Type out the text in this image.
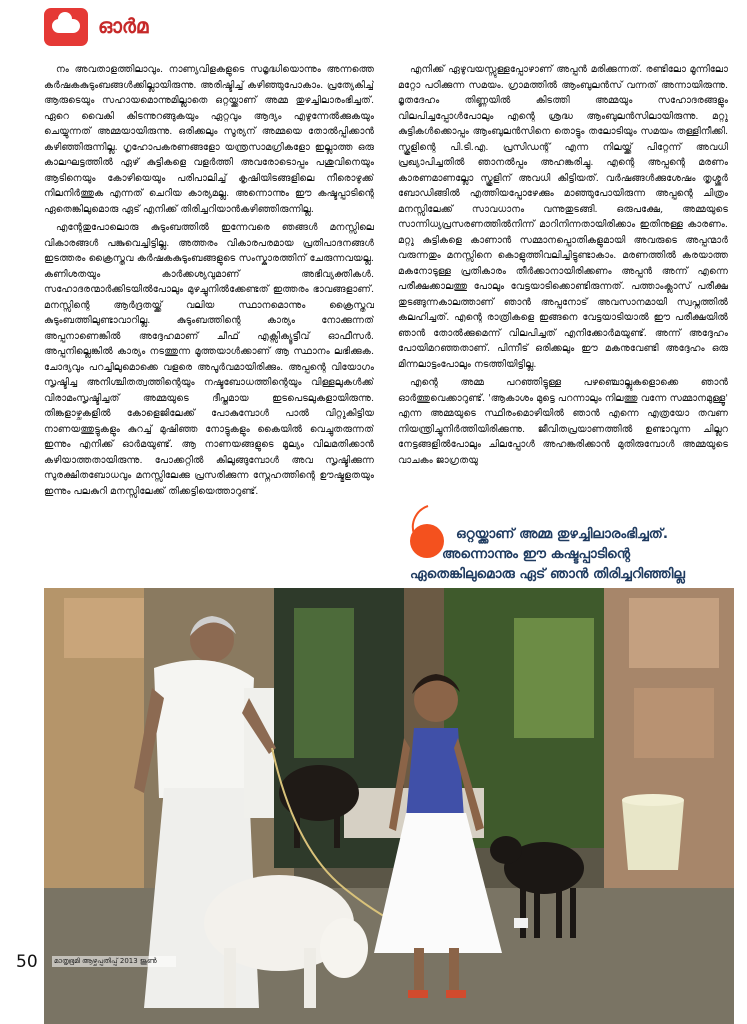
ഓർമ

നം അവതാളത്തിലാവും. നാണ്യവിളകളുടെ സമൃദ്ധിയൊന്നും അന്നത്തെ കർഷകകുടുംബങ്ങൾക്കില്ലായിരുന്നു. അരിഷ്ടിച്ച് കഴിഞ്ഞുപോകാം. പ്രത്യേകിച്ച് ആരുടെയും സഹായമൊന്നുമില്ലാതെ ഒറ്റയ്ക്കാണ് അമ്മ തുഴച്ചിലാരംഭിച്ചത്. ഏറെ വൈകി കിടന്നുറങ്ങുകയും ഏറ്റവും ആദ്യം എഴുന്നേൽക്കുകയും ചെയ്യുന്നത് അമ്മയായിരുന്നു. ഒരിക്കലും സൂര്യന് അമ്മയെ തോൽപ്പിക്കാൻ കഴിഞ്ഞിരുന്നില്ല. ഗൃഹോപകരണങ്ങളോ യന്ത്രസാമഗ്രികളോ ഇല്ലാത്ത ഒരു കാലഘട്ടത്തിൽ ഏഴ് കുട്ടികളെ വളർത്തി അവരോടൊപ്പം പശുവിനെയും ആടിനെയും കോഴിയെയും പരിപാലിച്ച് കൃഷിയിടങ്ങളിലെ നീരൊഴുക്ക് നിലനിർത്തുക എന്നത് ചെറിയ കാര്യമല്ല. അന്നൊന്നും ഈ കഷ്ടപ്പാടിന്റെ ഏതെങ്കിലുമൊരു ഏട് എനിക്ക് തിരിച്ചറിയാൻകഴിഞ്ഞിരുന്നില്ല.

എന്റേതുപോലൊരു കുടുംബത്തിൽ ഇന്നേവരെ ഞങ്ങൾ മനസ്സിലെ വികാരങ്ങൾ പങ്കുവെച്ചിട്ടില്ല. അത്തരം വികാരപരമായ പ്രതിപാദനങ്ങൾ ഇടത്തരം ക്രൈസ്തവ കർഷകകുടുംബങ്ങളുടെ സംസ്കാരത്തിന് ചേരുന്നവയല്ല. കണിശതയും കാർക്കശ്യവുമാണ് അഭിവ്യക്തികൾ. സഹോദരന്മാർക്കിടയിൽപോലും മുഴച്ചുനിൽക്കേണ്ടത് ഇത്തരം ഭാവങ്ങളാണ്. മനസ്സിന്റെ ആർദ്രതയ്ക്ക് വലിയ സ്ഥാനമൊന്നും ക്രൈസ്തവ കുടുംബത്തിലുണ്ടാവാറില്ല. കുടുംബത്തിന്റെ കാര്യം നോക്കുന്നത് അപ്പനാണെങ്കിൽ അദ്ദേഹമാണ് ചീഫ് എക്സിക്യൂട്ടീവ് ഓഫീസർ. അപ്പനില്ലെങ്കിൽ കാര്യം നടത്തുന്ന മൂത്തയാൾക്കാണ് ആ സ്ഥാനം ലഭിക്കുക. ചോദ്യവും പറച്ചിലുമൊക്കെ വളരെ അപൂർവമായിരിക്കും. അപ്പന്റെ വിയോഗം സൃഷ്ടിച്ച അനിശ്ചിതത്വത്തിന്റെയും നഷ്ടബോധത്തിന്റെയും വിള്ളലുകൾക്ക് വിരാമംസൃഷ്ടിച്ചത് അമ്മയുടെ ദീപ്തമായ ഇടപെടലുകളായിരുന്നു. തിങ്കളാഴ്ചകളിൽ കോളെജിലേക്ക് പോകുമ്പോൾ പാൽ വിറ്റുകിട്ടിയ നാണയത്തുട്ടുകളും കുറച്ച് മുഷിഞ്ഞ നോട്ടുകളും കൈയിൽ വെച്ചുതരുന്നത് ഇന്നും എനിക്ക് ഓർമയുണ്ട്. ആ നാണയങ്ങളുടെ മൂല്യം വിലമതിക്കാൻ കഴിയാത്തതായിരുന്നു. പോക്കറ്റിൽ കിലുങ്ങുമ്പോൾ അവ സൃഷ്ടിക്കുന്ന സുരക്ഷിതബോധവും മനസ്സിലേക്കു പ്രസരിക്കുന്ന സ്നേഹത്തിന്റെ ഊഷ്മളതയും ഇന്നും പലകുറി മനസ്സിലേക്ക് തിക്കട്ടിയെത്താറുണ്ട്.

എനിക്ക് ഏഴുവയസ്സുള്ളപ്പോഴാണ് അപ്പൻ മരിക്കുന്നത്. രണ്ടിലോ മൂന്നിലോ മറ്റോ പഠിക്കുന്ന സമയം. ഗ്രാമത്തിൽ ആംബുലൻസ് വന്നത് അന്നായിരുന്നു. മൃതദേഹം തിണ്ണയിൽ കിടത്തി അമ്മയും സഹോദരങ്ങളും വിലപിച്ചപ്പോൾപോലും എന്റെ ശ്രദ്ധ ആംബുലൻസിലായിരുന്നു. മറ്റു കുട്ടികൾക്കൊപ്പം ആംബുലൻസിനെ തൊട്ടും തലോടിയും സമയം തള്ളിനീക്കി. സ്കൂളിന്റെ പി.ടി.എ. പ്രസിഡന്റ് എന്ന നിലയ്ക്ക് പിറ്റേന്ന് അവധി പ്രഖ്യാപിച്ചതിൽ ഞാനൽപ്പം അഹങ്കരിച്ചു. എന്റെ അപ്പന്റെ മരണം കാരണമാണല്ലോ സ്കൂളിന് അവധി കിട്ടിയത്. വർഷങ്ങൾക്കുശേഷം തൃശ്ശൂർ ബോഡിങ്ങിൽ എത്തിയപ്പോഴേക്കും മാഞ്ഞുപോയിരുന്ന അപ്പന്റെ ചിത്രം മനസ്സിലേക്ക് സാവധാനം വന്നുതുടങ്ങി. ഒരുപക്ഷേ, അമ്മയുടെ സാന്നിധ്യപ്രസരണത്തിൽനിന്ന് മാറിനിന്നതായിരിക്കാം ഇതിനുള്ള കാരണം. മറ്റു കുട്ടികളെ കാണാൻ സമ്മാനപ്പൊതികളുമായി അവരുടെ അപ്പന്മാർ വരുന്നതും മനസ്സിനെ കൊളുത്തിവലിച്ചിട്ടുണ്ടാകാം. മരണത്തിൽ കരയാത്ത മകനോടുള്ള പ്രതികാരം തീർക്കാനായിരിക്കണം അപ്പൻ അന്ന് എന്നെ പരീക്ഷക്കാലത്തു പോലും വേട്ടയാടിക്കൊണ്ടിരുന്നത്. പത്താംക്ലാസ് പരീക്ഷ തുടങ്ങുന്നകാലത്താണ് ഞാൻ അപ്പനോട് അവസാനമായി സ്വപ്നത്തിൽ കലഹിച്ചത്. എന്റെ രാത്രികളെ ഇങ്ങനെ വേട്ടയാടിയാൽ ഈ പരീക്ഷയിൽ ഞാൻ തോൽക്കുമെന്ന് വിലപിച്ചത് എനിക്കോർമയുണ്ട്. അന്ന് അദ്ദേഹം പോയിമറഞ്ഞതാണ്. പിന്നീട് ഒരിക്കലും ഈ മകനുവേണ്ടി അദ്ദേഹം ഒരു മിന്നലാട്ടംപോലും നടത്തിയിട്ടില്ല.

എന്റെ അമ്മ പറഞ്ഞിട്ടുള്ള പഴഞ്ചൊല്ലുകളൊക്കെ ഞാൻ ഓർത്തുവെക്കാറുണ്ട്. 'ആകാശം മുട്ടെ പറന്നാലും നിലത്തു വന്നേ സമ്മാനമുള്ളൂ' എന്ന അമ്മയുടെ സ്ഥിരംമൊഴിയിൽ ഞാൻ എന്നെ എത്രയോ തവണ നിയന്ത്രിച്ചുനിർത്തിയിരിക്കുന്നു. ജീവിതപ്രയാണത്തിൽ ഉണ്ടാവുന്ന ചില്ലറ നേട്ടങ്ങളിൽപോലും ചിലപ്പോൾ അഹങ്കരിക്കാൻ മുതിരുമ്പോൾ അമ്മയുടെ വാചകം ജാഗ്രതയു

ഒറ്റയ്ക്കാണ് അമ്മ തുഴച്ചിലാരംഭിച്ചത്.
അന്നൊന്നും ഈ കഷ്ടപ്പാടിന്റെ
ഏതെങ്കിലുമൊരു ഏട് ഞാൻ തിരിച്ചറിഞ്ഞില്ല
50 മാതൃഭൂമി ആഴ്ചപ്പതിപ്പ് 2013 ജൂൺ
